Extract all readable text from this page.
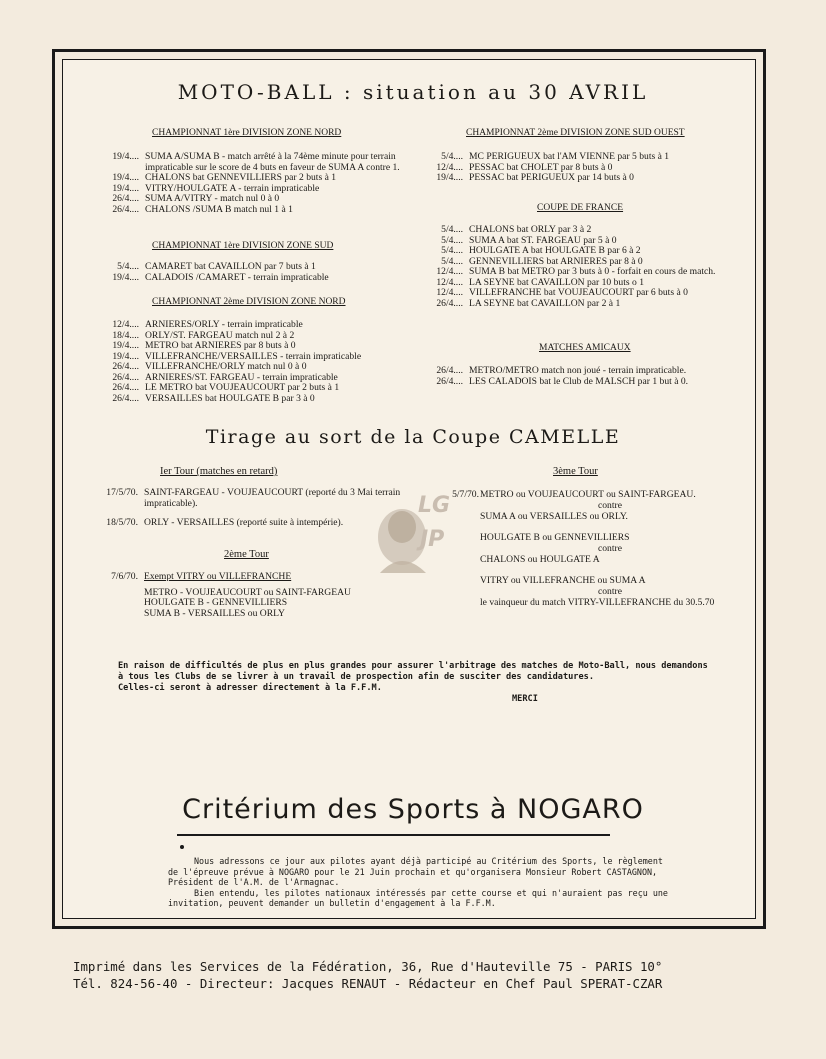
MOTO-BALL : situation au 30 AVRIL
CHAMPIONNAT 1ère DIVISION ZONE NORD
19/4.... SUMA A/SUMA B - match arrêté à la 74ème minute pour terrain impraticable sur le score de 4 buts en faveur de SUMA A contre 1.
19/4.... CHALONS bat GENNEVILLIERS par 2 buts à 1
19/4.... VITRY/HOULGATE A - terrain impraticable
26/4.... SUMA A/VITRY - match nul 0 à 0
26/4.... CHALONS /SUMA B match nul 1 à 1
CHAMPIONNAT 1ère DIVISION ZONE SUD
5/4.... CAMARET bat CAVAILLON par 7 buts à 1
19/4.... CALADOIS /CAMARET - terrain impraticable
CHAMPIONNAT 2ème DIVISION ZONE NORD
12/4.... ARNIERES/ORLY - terrain impraticable
18/4.... ORLY/ST. FARGEAU match nul 2 à 2
19/4.... METRO bat ARNIERES par 8 buts à 0
19/4.... VILLEFRANCHE/VERSAILLES - terrain impraticable
26/4.... VILLEFRANCHE/ORLY match nul 0 à 0
26/4.... ARNIERES/ST. FARGEAU - terrain impraticable
26/4.... LE METRO bat VOUJEAUCOURT par 2 buts à 1
26/4.... VERSAILLES bat HOULGATE B par 3 à 0
CHAMPIONNAT 2ème DIVISION ZONE SUD OUEST
5/4.... MC PERIGUEUX bat l'AM VIENNE par 5 buts à 1
12/4.... PESSAC bat CHOLET par 8 buts à 0
19/4.... PESSAC bat PERIGUEUX par 14 buts à 0
COUPE DE FRANCE
5/4.... CHALONS bat ORLY par 3 à 2
5/4.... SUMA A bat ST. FARGEAU par 5 à 0
5/4.... HOULGATE A bat HOULGATE B par 6 à 2
5/4.... GENNEVILLIERS bat ARNIERES par 8 à 0
12/4.... SUMA B bat METRO par 3 buts à 0 - forfait en cours de match.
12/4.... LA SEYNE bat CAVAILLON par 10 buts o 1
12/4.... VILLEFRANCHE bat VOUJEAUCOURT par 6 buts à 0
26/4.... LA SEYNE bat CAVAILLON par 2 à 1
MATCHES AMICAUX
26/4.... METRO/METRO match non joué - terrain impraticable.
26/4.... LES CALADOIS bat le Club de MALSCH par 1 but à 0.
Tirage au sort de la Coupe CAMELLE
Ier Tour (matches en retard)
17/5/70. SAINT-FARGEAU - VOUJEAUCOURT (reporté du 3 Mai terrain impraticable).
18/5/70. ORLY - VERSAILLES (reporté suite à intempérie).
2ème Tour
7/6/70. Exempt VITRY ou VILLEFRANCHE
METRO - VOUJEAUCOURT ou SAINT-FARGEAU
HOULGATE B - GENNEVILLIERS
SUMA B - VERSAILLES ou ORLY
3ème Tour
5/7/70. METRO ou VOUJEAUCOURT ou SAINT-FARGEAU.
contre
SUMA A ou VERSAILLES ou ORLY.
HOULGATE B ou GENNEVILLIERS
contre
CHALONS ou HOULGATE A
VITRY ou VILLEFRANCHE ou SUMA A
contre
le vainqueur du match VITRY-VILLEFRANCHE du 30.5.70
LG
JP
En raison de difficultés de plus en plus grandes pour assurer l'arbitrage des matches de Moto-Ball, nous demandons à tous les Clubs de se livrer à un travail de prospection afin de susciter des candidatures.
Celles-ci seront à adresser directement à la F.F.M.
MERCI
Critérium des Sports à NOGARO
Nous adressons ce jour aux pilotes ayant déjà participé au Critérium des Sports, le règlement de l'épreuve prévue à NOGARO pour le 21 Juin prochain et qu'organisera Monsieur Robert CASTAGNON, Président de l'A.M. de l'Armagnac.
Bien entendu, les pilotes nationaux intéressés par cette course et qui n'auraient pas reçu une invitation, peuvent demander un bulletin d'engagement à la F.F.M.
Imprimé dans les Services de la Fédération, 36, Rue d'Hauteville 75 - PARIS 10°
Tél. 824-56-40 - Directeur: Jacques RENAUT - Rédacteur en Chef Paul SPERAT-CZAR
